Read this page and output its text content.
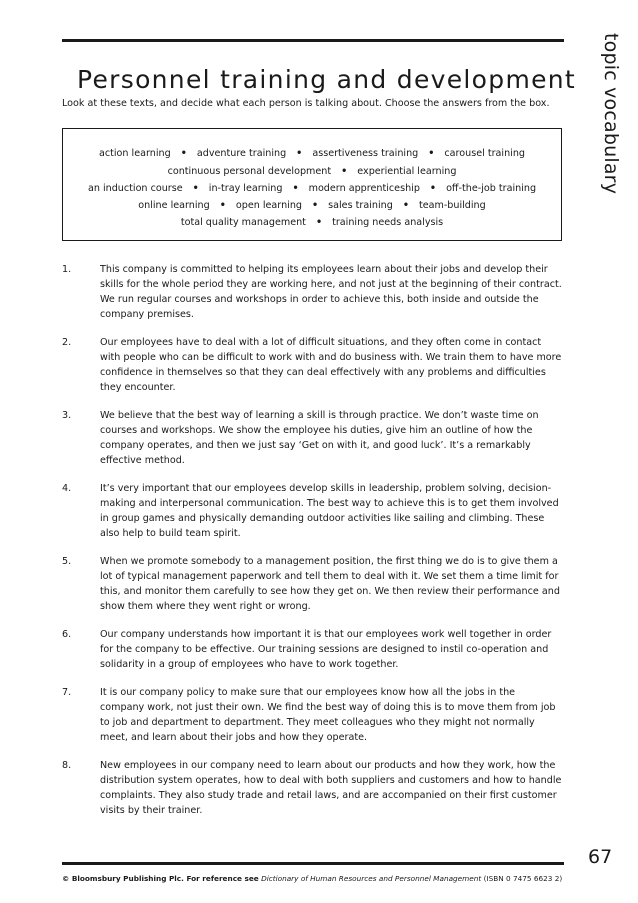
Personnel training and development	topic vocabulary
Look at these texts, and decide what each person is talking about. Choose the answers from the box.
action learning • adventure training • assertiveness training • carousel training
continuous personal development • experiential learning
an induction course • in-tray learning • modern apprenticeship • off-the-job training
online learning • open learning • sales training • team-building
total quality management • training needs analysis
1.	This company is committed to helping its employees learn about their jobs and develop their skills for the whole period they are working here, and not just at the beginning of their contract. We run regular courses and workshops in order to achieve this, both inside and outside the company premises.
2.	Our employees have to deal with a lot of difficult situations, and they often come in contact with people who can be difficult to work with and do business with. We train them to have more confidence in themselves so that they can deal effectively with any problems and difficulties they encounter.
3.	We believe that the best way of learning a skill is through practice. We don’t waste time on courses and workshops. We show the employee his duties, give him an outline of how the company operates, and then we just say ‘Get on with it, and good luck’. It’s a remarkably effective method.
4.	It’s very important that our employees develop skills in leadership, problem solving, decision-making and interpersonal communication. The best way to achieve this is to get them involved in group games and physically demanding outdoor activities like sailing and climbing. These also help to build team spirit.
5.	When we promote somebody to a management position, the first thing we do is to give them a lot of typical management paperwork and tell them to deal with it. We set them a time limit for this, and monitor them carefully to see how they get on. We then review their performance and show them where they went right or wrong.
6.	Our company understands how important it is that our employees work well together in order for the company to be effective. Our training sessions are designed to instil co-operation and solidarity in a group of employees who have to work together.
7.	It is our company policy to make sure that our employees know how all the jobs in the company work, not just their own. We find the best way of doing this is to move them from job to job and department to department. They meet colleagues who they might not normally meet, and learn about their jobs and how they operate.
8.	New employees in our company need to learn about our products and how they work, how the distribution system operates, how to deal with both suppliers and customers and how to handle complaints. They also study trade and retail laws, and are accompanied on their first customer visits by their trainer.
67
© Bloomsbury Publishing Plc. For reference see Dictionary of Human Resources and Personnel Management (ISBN 0 7475 6623 2)
